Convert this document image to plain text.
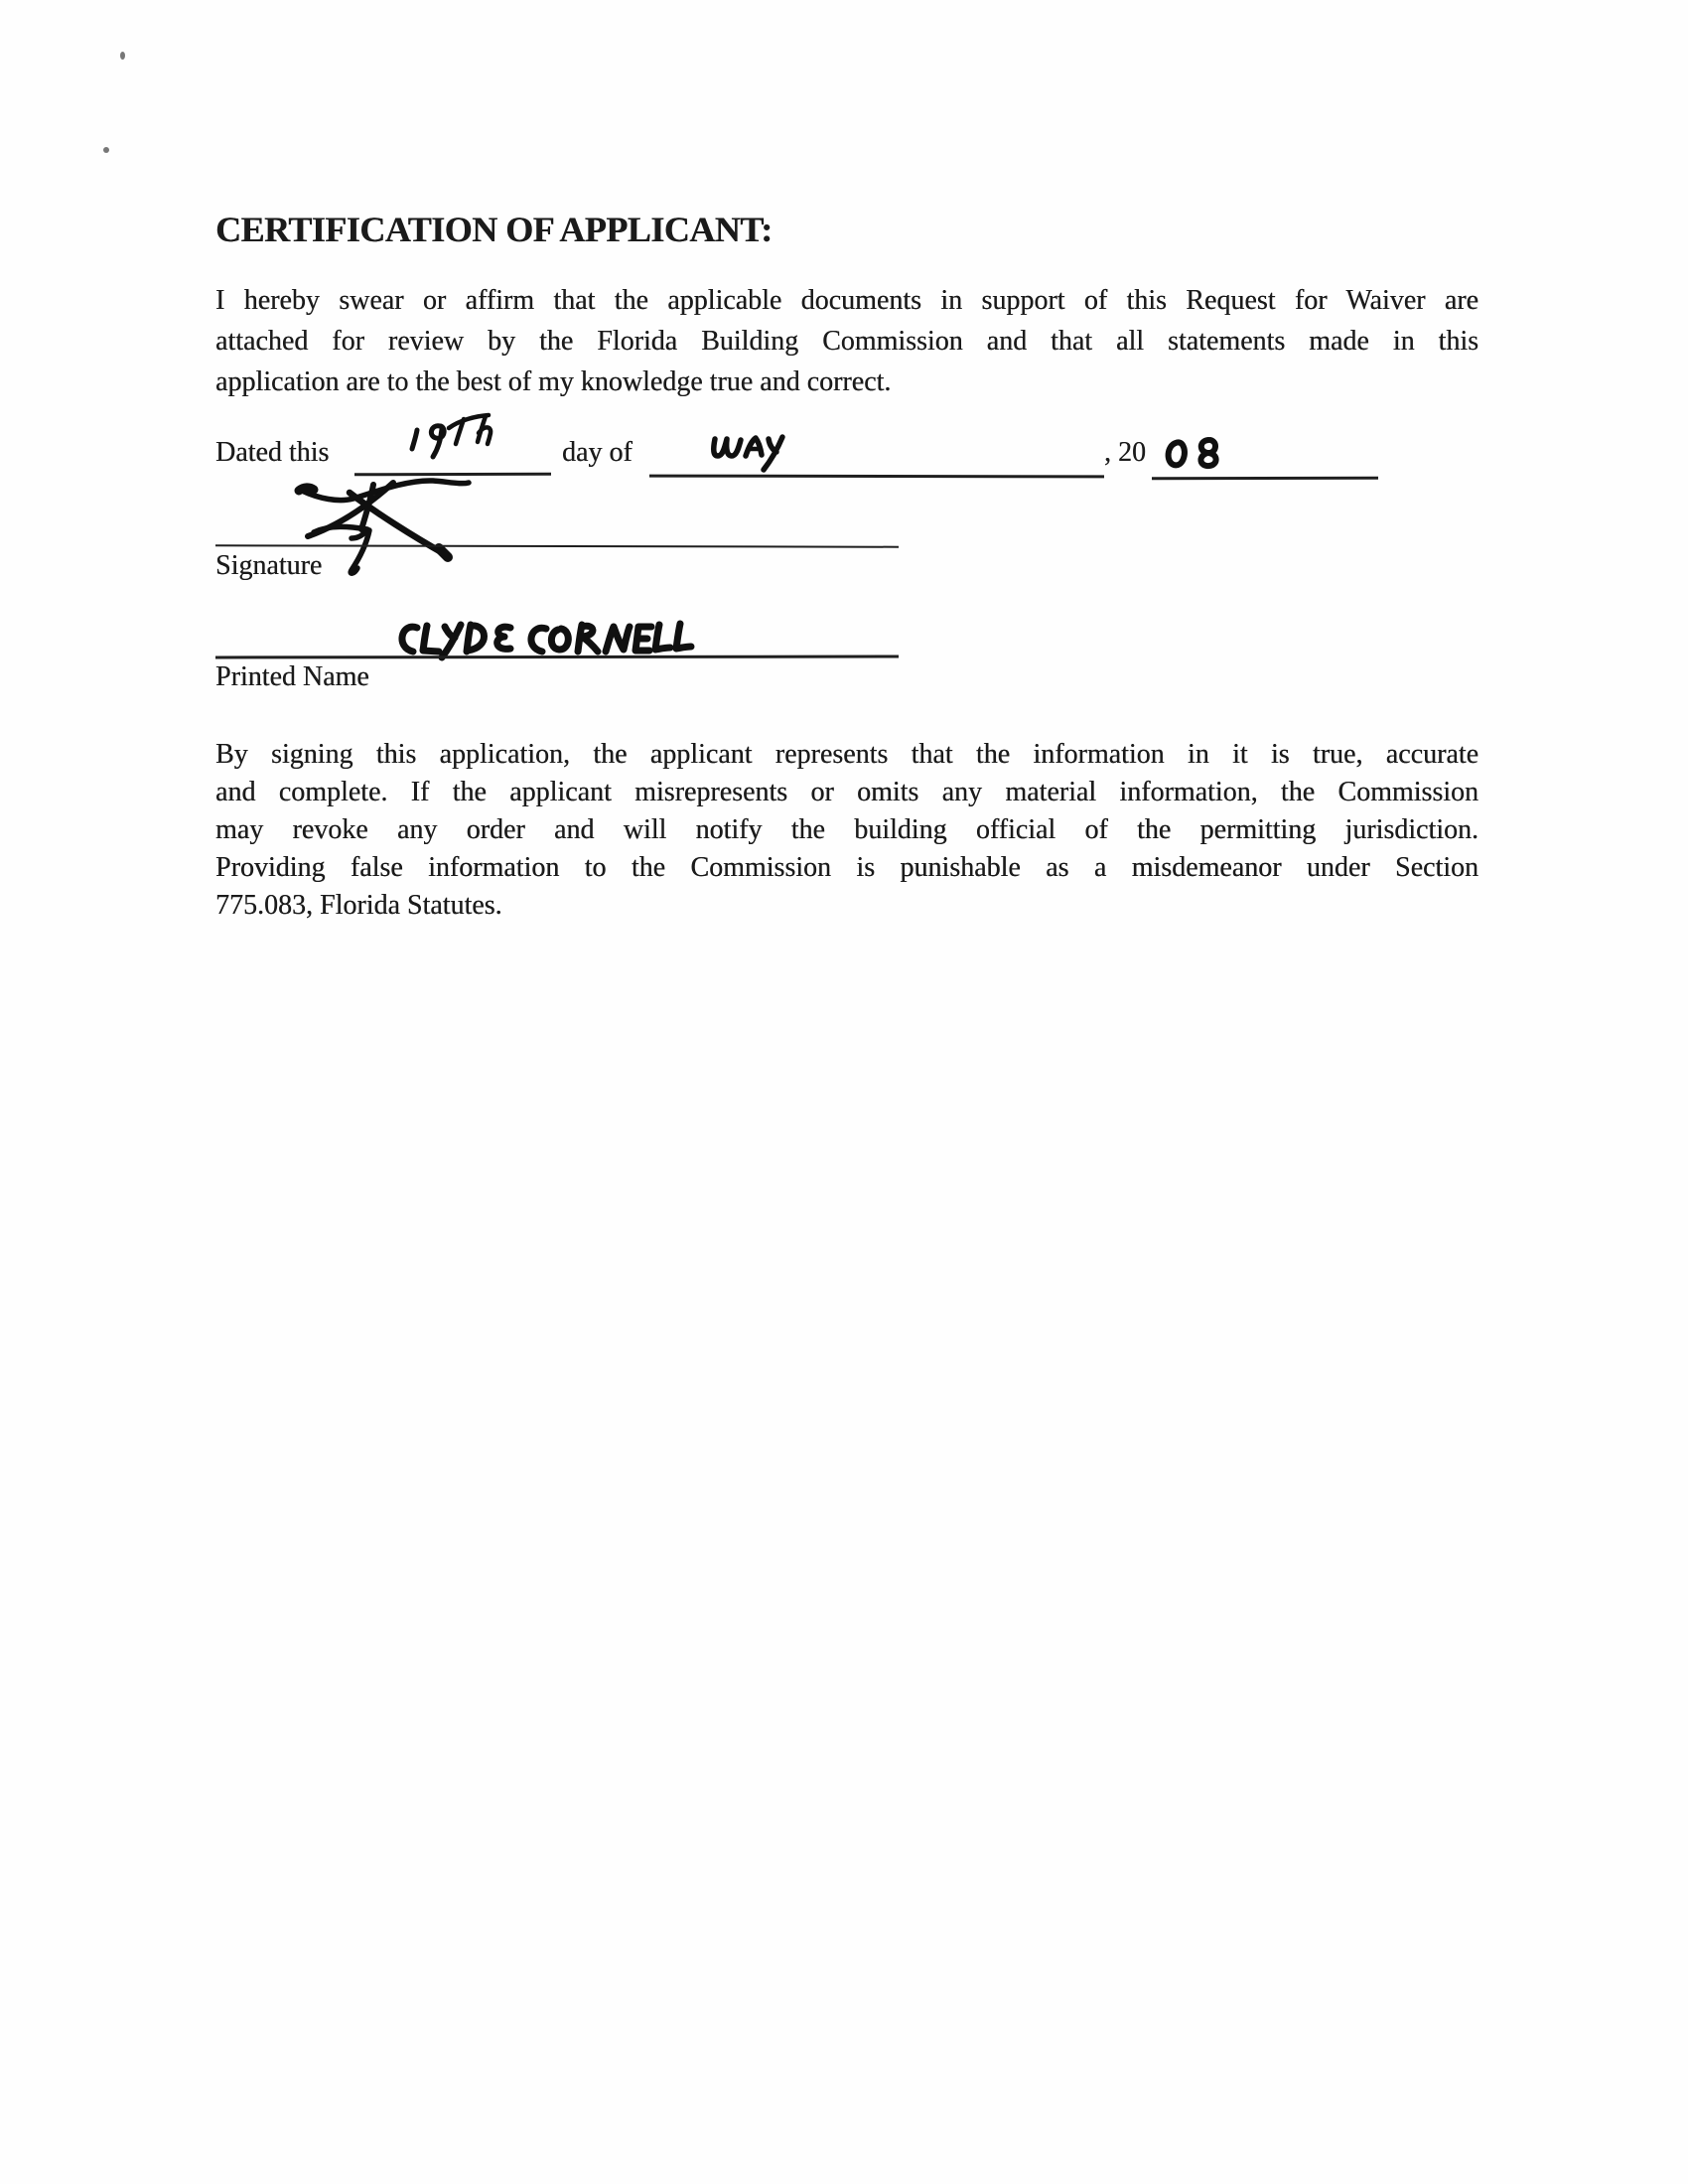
CERTIFICATION OF APPLICANT:
I hereby swear or affirm that the applicable documents in support of this Request for Waiver are
attached for review by the Florida Building Commission and that all statements made in this
application are to the best of my knowledge true and correct.
Dated this	day of	, 20
Signature
Printed Name
By signing this application, the applicant represents that the information in it is true, accurate
and complete. If the applicant misrepresents or omits any material information, the Commission
may revoke any order and will notify the building official of the permitting jurisdiction.
Providing false information to the Commission is punishable as a misdemeanor under Section
775.083, Florida Statutes.
